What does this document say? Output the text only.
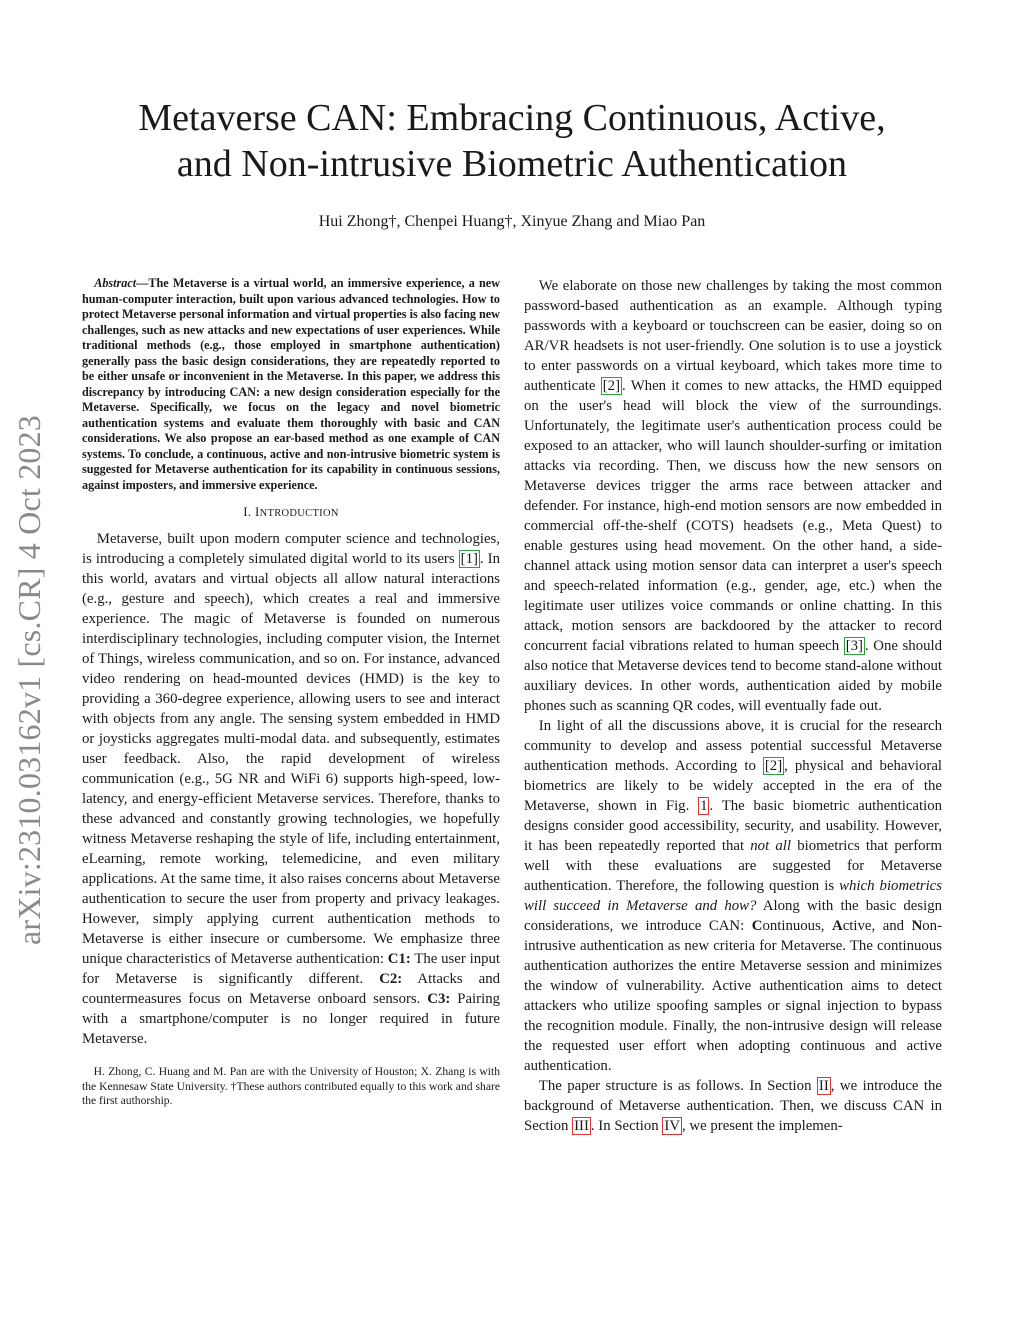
arXiv:2310.03162v1 [cs.CR] 4 Oct 2023
Metaverse CAN: Embracing Continuous, Active,
and Non-intrusive Biometric Authentication
Hui Zhong†, Chenpei Huang†, Xinyue Zhang and Miao Pan

Abstract—The Metaverse is a virtual world, an immersive experience, a new human-computer interaction, built upon various advanced technologies. How to protect Metaverse personal information and virtual properties is also facing new challenges, such as new attacks and new expectations of user experiences. While traditional methods (e.g., those employed in smartphone authentication) generally pass the basic design considerations, they are repeatedly reported to be either unsafe or inconvenient in the Metaverse. In this paper, we address this discrepancy by introducing CAN: a new design consideration especially for the Metaverse. Specifically, we focus on the legacy and novel biometric authentication systems and evaluate them thoroughly with basic and CAN considerations. We also propose an ear-based method as one example of CAN systems. To conclude, a continuous, active and non-intrusive biometric system is suggested for Metaverse authentication for its capability in continuous sessions, against imposters, and immersive experience.

I. INTRODUCTION

Metaverse, built upon modern computer science and technologies, is introducing a completely simulated digital world to its users [1] . In this world, avatars and virtual objects all allow natural interactions (e.g., gesture and speech), which creates a real and immersive experience. The magic of Metaverse is founded on numerous interdisciplinary technologies, including computer vision, the Internet of Things, wireless communication, and so on. For instance, advanced video rendering on head-mounted devices (HMD) is the key to providing a 360-degree experience, allowing users to see and interact with objects from any angle. The sensing system embedded in HMD or joysticks aggregates multi-modal data. and subsequently, estimates user feedback. Also, the rapid development of wireless communication (e.g., 5G NR and WiFi 6) supports high-speed, low-latency, and energy-efficient Metaverse services. Therefore, thanks to these advanced and constantly growing technologies, we hopefully witness Metaverse reshaping the style of life, including entertainment, eLearning, remote working, telemedicine, and even military applications. At the same time, it also raises concerns about Metaverse authentication to secure the user from property and privacy leakages. However, simply applying current authentication methods to Metaverse is either insecure or cumbersome. We emphasize three unique characteristics of Metaverse authentication: C1: The user input for Metaverse is significantly different. C2: Attacks and countermeasures focus on Metaverse onboard sensors. C3: Pairing with a smartphone/computer is no longer required in future Metaverse.

H. Zhong, C. Huang and M. Pan are with the University of Houston; X. Zhang is with the Kennesaw State University. †These authors contributed equally to this work and share the first authorship.

We elaborate on those new challenges by taking the most common password-based authentication as an example. Although typing passwords with a keyboard or touchscreen can be easier, doing so on AR/VR headsets is not user-friendly. One solution is to use a joystick to enter passwords on a virtual keyboard, which takes more time to authenticate [2] . When it comes to new attacks, the HMD equipped on the user's head will block the view of the surroundings. Unfortunately, the legitimate user's authentication process could be exposed to an attacker, who will launch shoulder-surfing or imitation attacks via recording. Then, we discuss how the new sensors on Metaverse devices trigger the arms race between attacker and defender. For instance, high-end motion sensors are now embedded in commercial off-the-shelf (COTS) headsets (e.g., Meta Quest) to enable gestures using head movement. On the other hand, a side-channel attack using motion sensor data can interpret a user's speech and speech-related information (e.g., gender, age, etc.) when the legitimate user utilizes voice commands or online chatting. In this attack, motion sensors are backdoored by the attacker to record concurrent facial vibrations related to human speech [3] . One should also notice that Metaverse devices tend to become stand-alone without auxiliary devices. In other words, authentication aided by mobile phones such as scanning QR codes, will eventually fade out.

In light of all the discussions above, it is crucial for the research community to develop and assess potential successful Metaverse authentication methods. According to [2] , physical and behavioral biometrics are likely to be widely accepted in the era of the Metaverse, shown in Fig. 1 . The basic biometric authentication designs consider good accessibility, security, and usability. However, it has been repeatedly reported that not all biometrics that perform well with these evaluations are suggested for Metaverse authentication. Therefore, the following question is which biometrics will succeed in Metaverse and how? Along with the basic design considerations, we introduce CAN: Continuous, Active, and Non-intrusive authentication as new criteria for Metaverse. The continuous authentication authorizes the entire Metaverse session and minimizes the window of vulnerability. Active authentication aims to detect attackers who utilize spoofing samples or signal injection to bypass the recognition module. Finally, the non-intrusive design will release the requested user effort when adopting continuous and active authentication.

The paper structure is as follows. In Section II , we introduce the background of Metaverse authentication. Then, we discuss CAN in Section III . In Section IV , we present the implemen-
